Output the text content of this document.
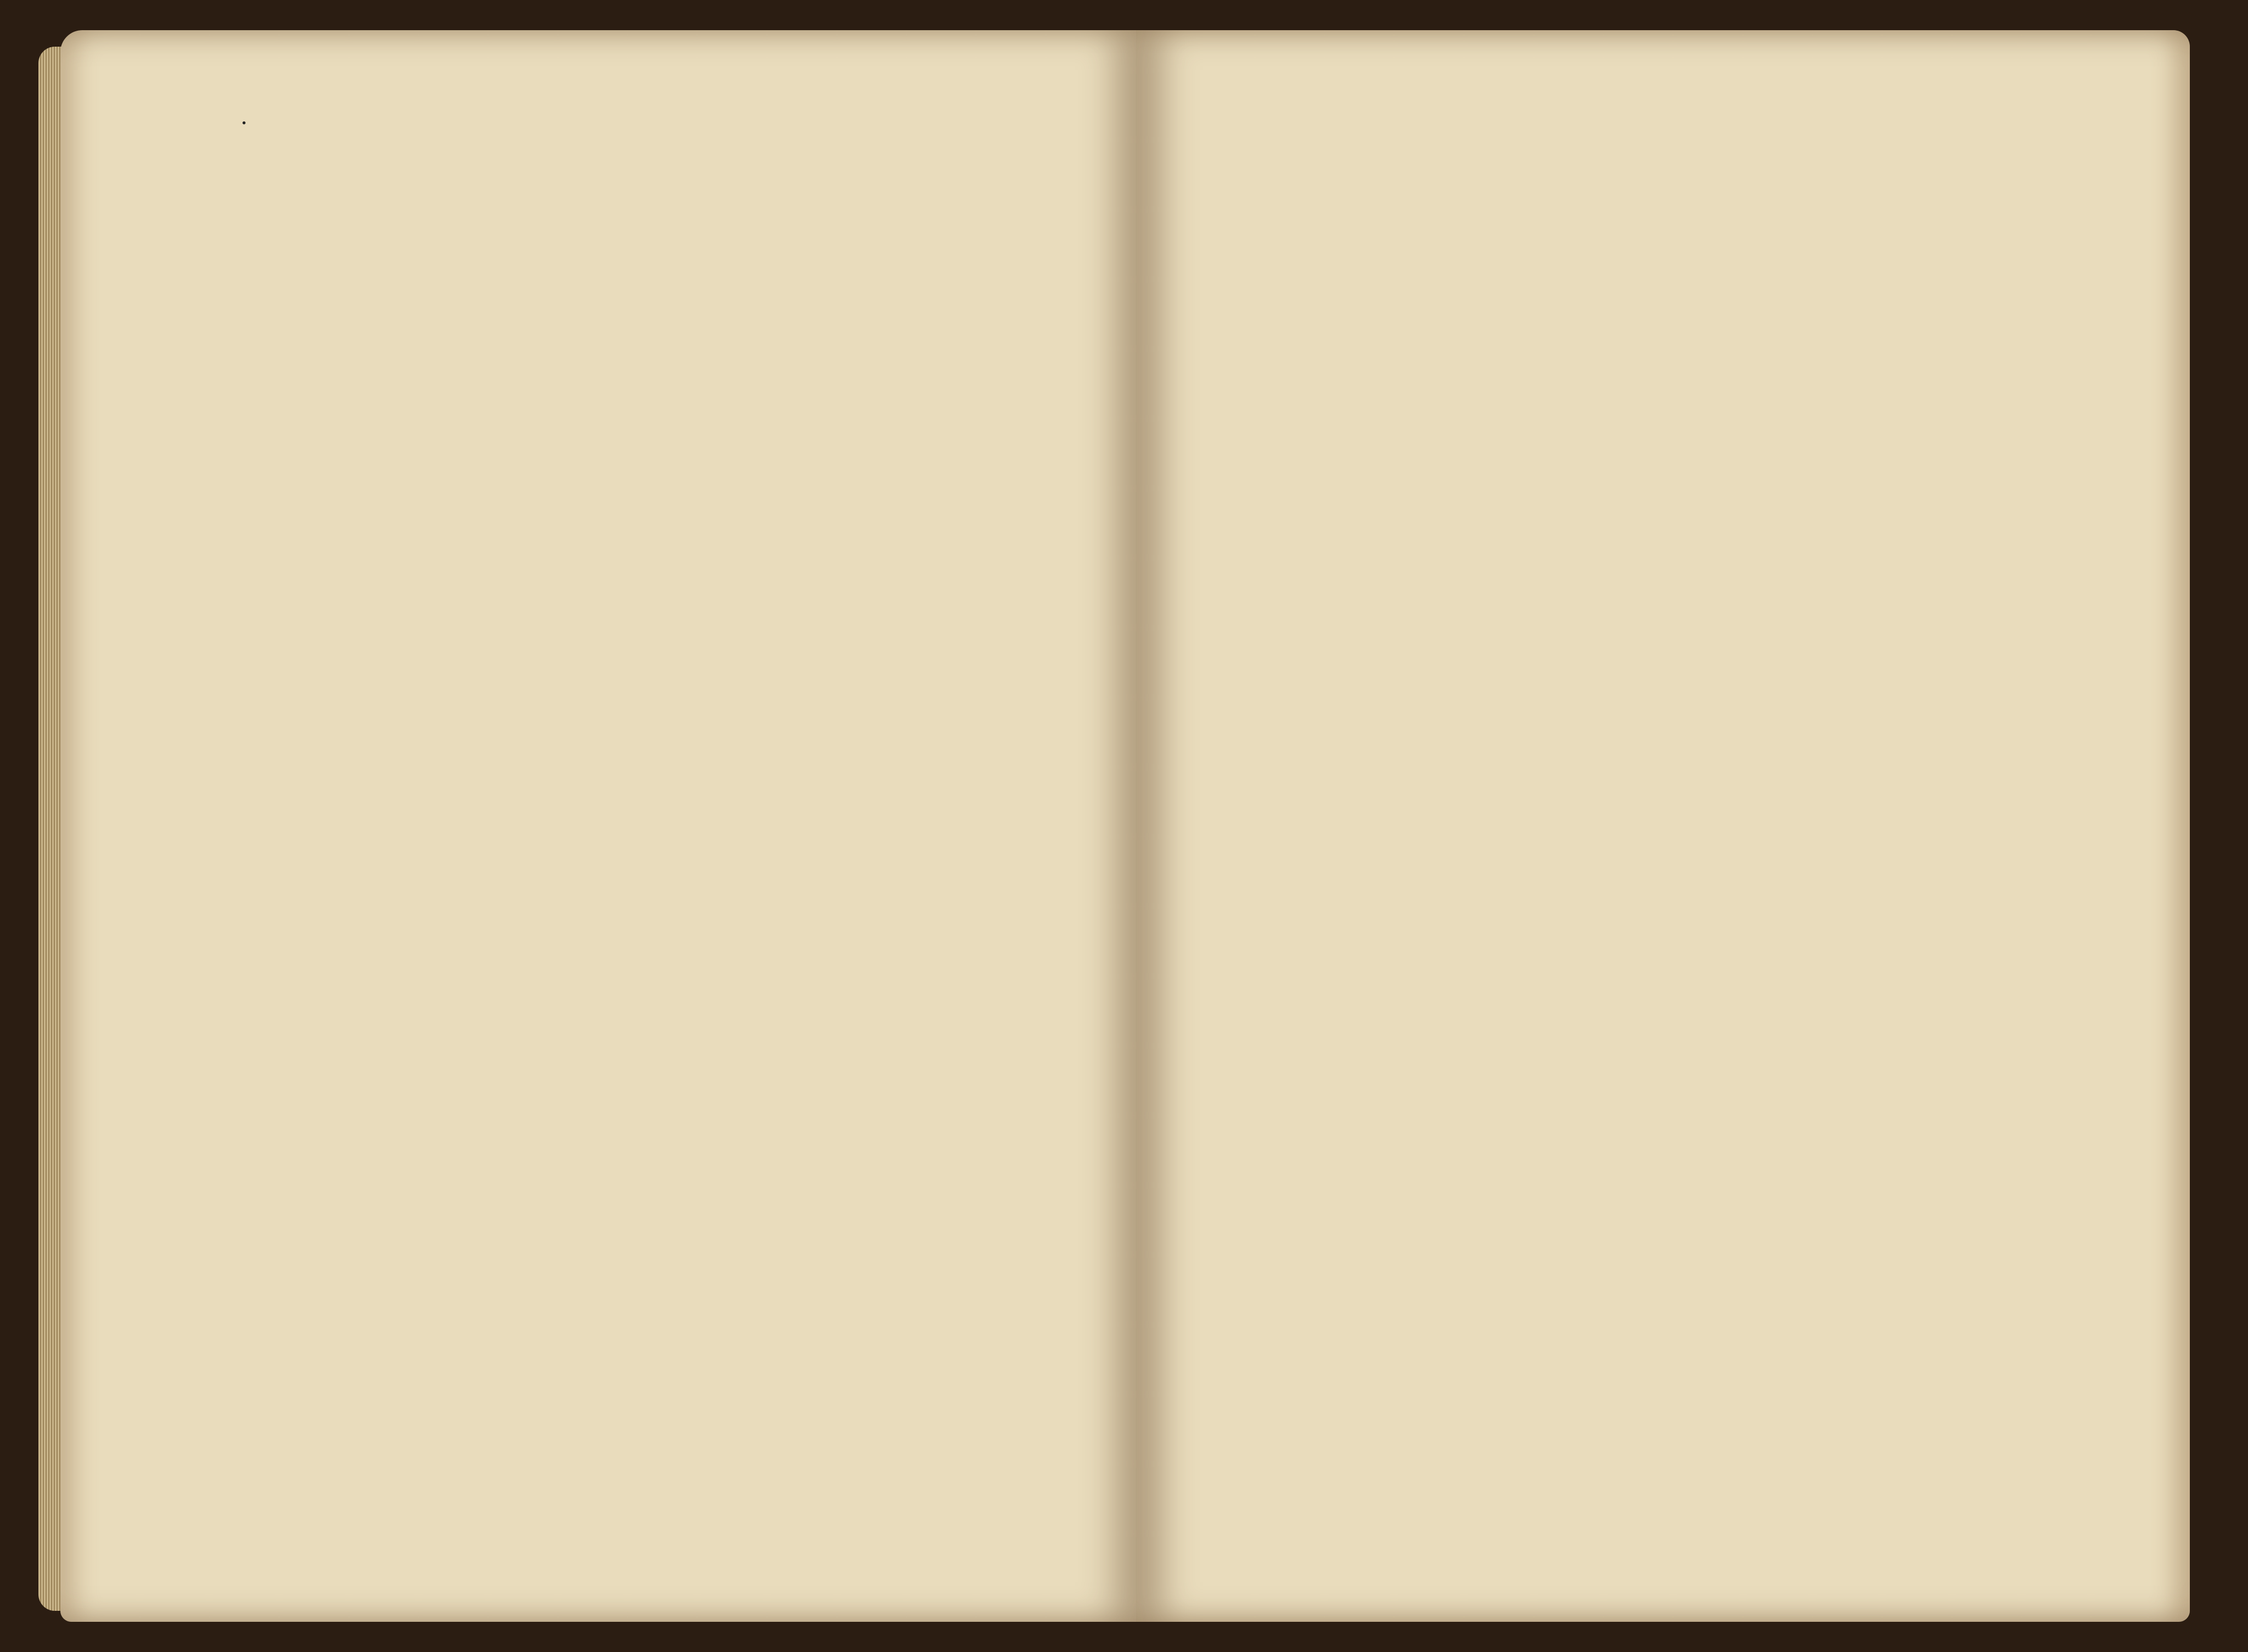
.
